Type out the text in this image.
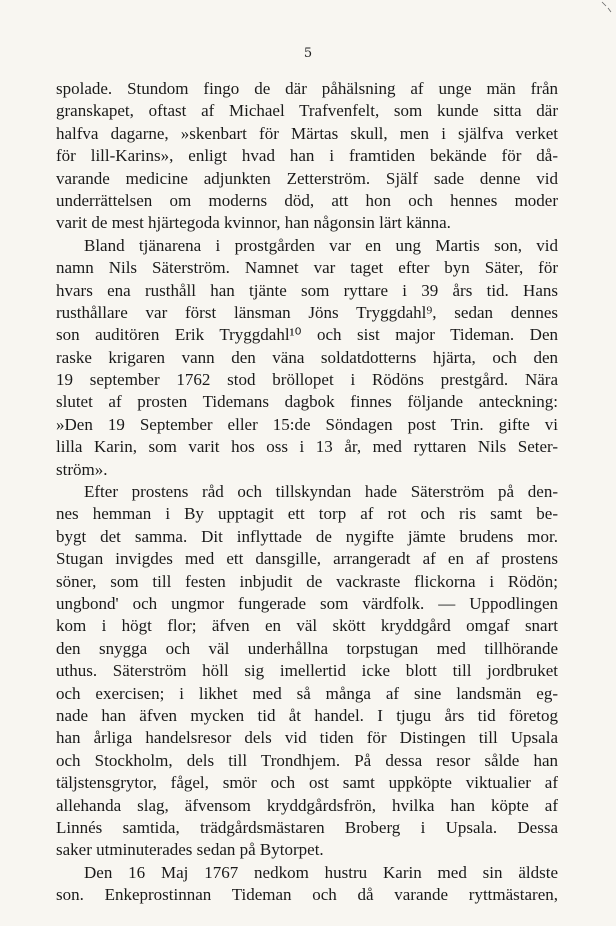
5
spolade. Stundom fingo de där påhälsning af unge män från
granskapet, oftast af Michael Trafvenfelt, som kunde sitta där
halfva dagarne, »skenbart för Märtas skull, men i själfva verket
för lill-Karins», enligt hvad han i framtiden bekände för då-
varande medicine adjunkten Zetterström. Själf sade denne vid
underrättelsen om moderns död, att hon och hennes moder
varit de mest hjärtegoda kvinnor, han någonsin lärt känna.
Bland tjänarena i prostgården var en ung Martis son, vid
namn Nils Säterström. Namnet var taget efter byn Säter, för
hvars ena rusthåll han tjänte som ryttare i 39 års tid. Hans
rusthållare var först länsman Jöns Tryggdahl⁹, sedan dennes
son auditören Erik Tryggdahl¹⁰ och sist major Tideman. Den
raske krigaren vann den väna soldatdotterns hjärta, och den
19 september 1762 stod bröllopet i Rödöns prestgård. Nära
slutet af prosten Tidemans dagbok finnes följande anteckning:
»Den 19 September eller 15:de Söndagen post Trin. gifte vi
lilla Karin, som varit hos oss i 13 år, med ryttaren Nils Seter-
ström».
Efter prostens råd och tillskyndan hade Säterström på den-
nes hemman i By upptagit ett torp af rot och ris samt be-
bygt det samma. Dit inflyttade de nygifte jämte brudens mor.
Stugan invigdes med ett dansgille, arrangeradt af en af prostens
söner, som till festen inbjudit de vackraste flickorna i Rödön;
ungbond' och ungmor fungerade som värdfolk. — Uppodlingen
kom i högt flor; äfven en väl skött kryddgård omgaf snart
den snygga och väl underhållna torpstugan med tillhörande
uthus. Säterström höll sig imellertid icke blott till jordbruket
och exercisen; i likhet med så många af sine landsmän eg-
nade han äfven mycken tid åt handel. I tjugu års tid företog
han årliga handelsresor dels vid tiden för Distingen till Upsala
och Stockholm, dels till Trondhjem. På dessa resor sålde han
täljstensgrytor, fågel, smör och ost samt uppköpte viktualier af
allehanda slag, äfvensom kryddgårdsfrön, hvilka han köpte af
Linnés samtida, trädgårdsmästaren Broberg i Upsala. Dessa
saker utminuterades sedan på Bytorpet.
Den 16 Maj 1767 nedkom hustru Karin med sin äldste
son. Enkeprostinnan Tideman och då varande ryttmästaren,
